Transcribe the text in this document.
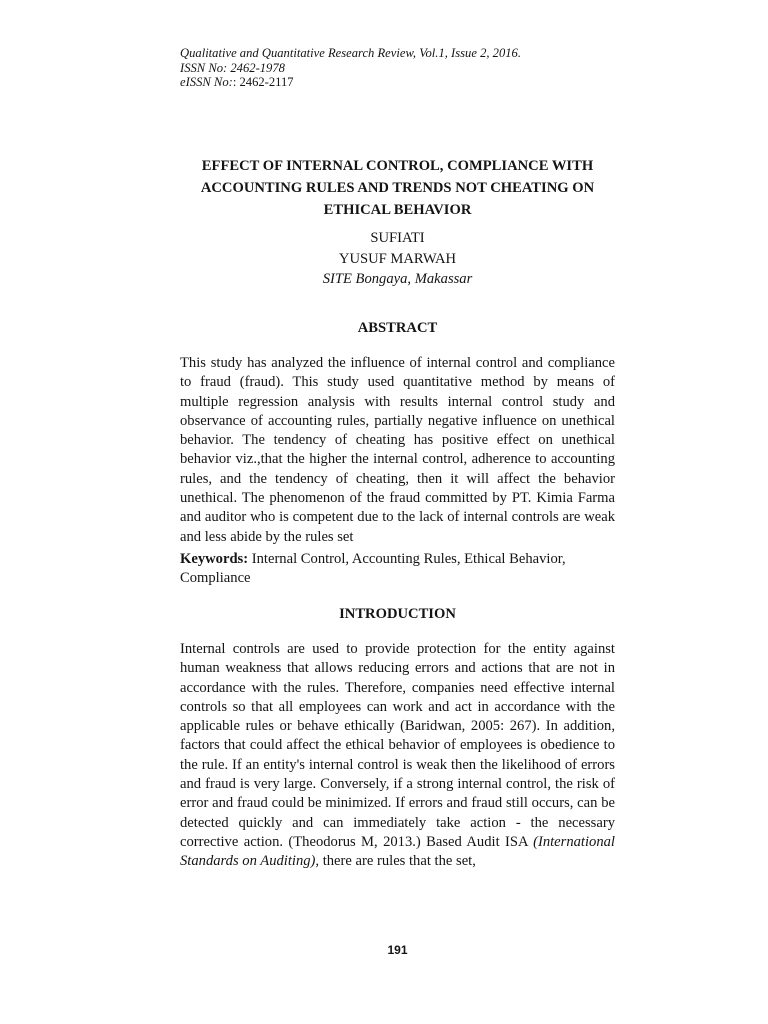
Qualitative and Quantitative Research Review, Vol.1, Issue 2, 2016.
ISSN No: 2462-1978
eISSN No:: 2462-2117
EFFECT OF INTERNAL CONTROL, COMPLIANCE WITH
ACCOUNTING RULES AND TRENDS NOT CHEATING ON
ETHICAL BEHAVIOR
SUFIATI
YUSUF MARWAH
SITE Bongaya, Makassar
ABSTRACT
This study has analyzed the influence of internal control and compliance to fraud (fraud). This study used quantitative method by means of multiple regression analysis with results internal control study and observance of accounting rules, partially negative influence on unethical behavior. The tendency of cheating has positive effect on unethical behavior viz.,that the higher the internal control, adherence to accounting rules, and the tendency of cheating, then it will affect the behavior unethical. The phenomenon of the fraud committed by PT. Kimia Farma and auditor who is competent due to the lack of internal controls are weak and less abide by the rules set
Keywords: Internal Control, Accounting Rules, Ethical Behavior, Compliance
INTRODUCTION
Internal controls are used to provide protection for the entity against human weakness that allows reducing errors and actions that are not in accordance with the rules. Therefore, companies need effective internal controls so that all employees can work and act in accordance with the applicable rules or behave ethically (Baridwan, 2005: 267). In addition, factors that could affect the ethical behavior of employees is obedience to the rule. If an entity's internal control is weak then the likelihood of errors and fraud is very large. Conversely, if a strong internal control, the risk of error and fraud could be minimized. If errors and fraud still occurs, can be detected quickly and can immediately take action - the necessary corrective action. (Theodorus M, 2013.) Based Audit ISA (International Standards on Auditing), there are rules that the set,
191
